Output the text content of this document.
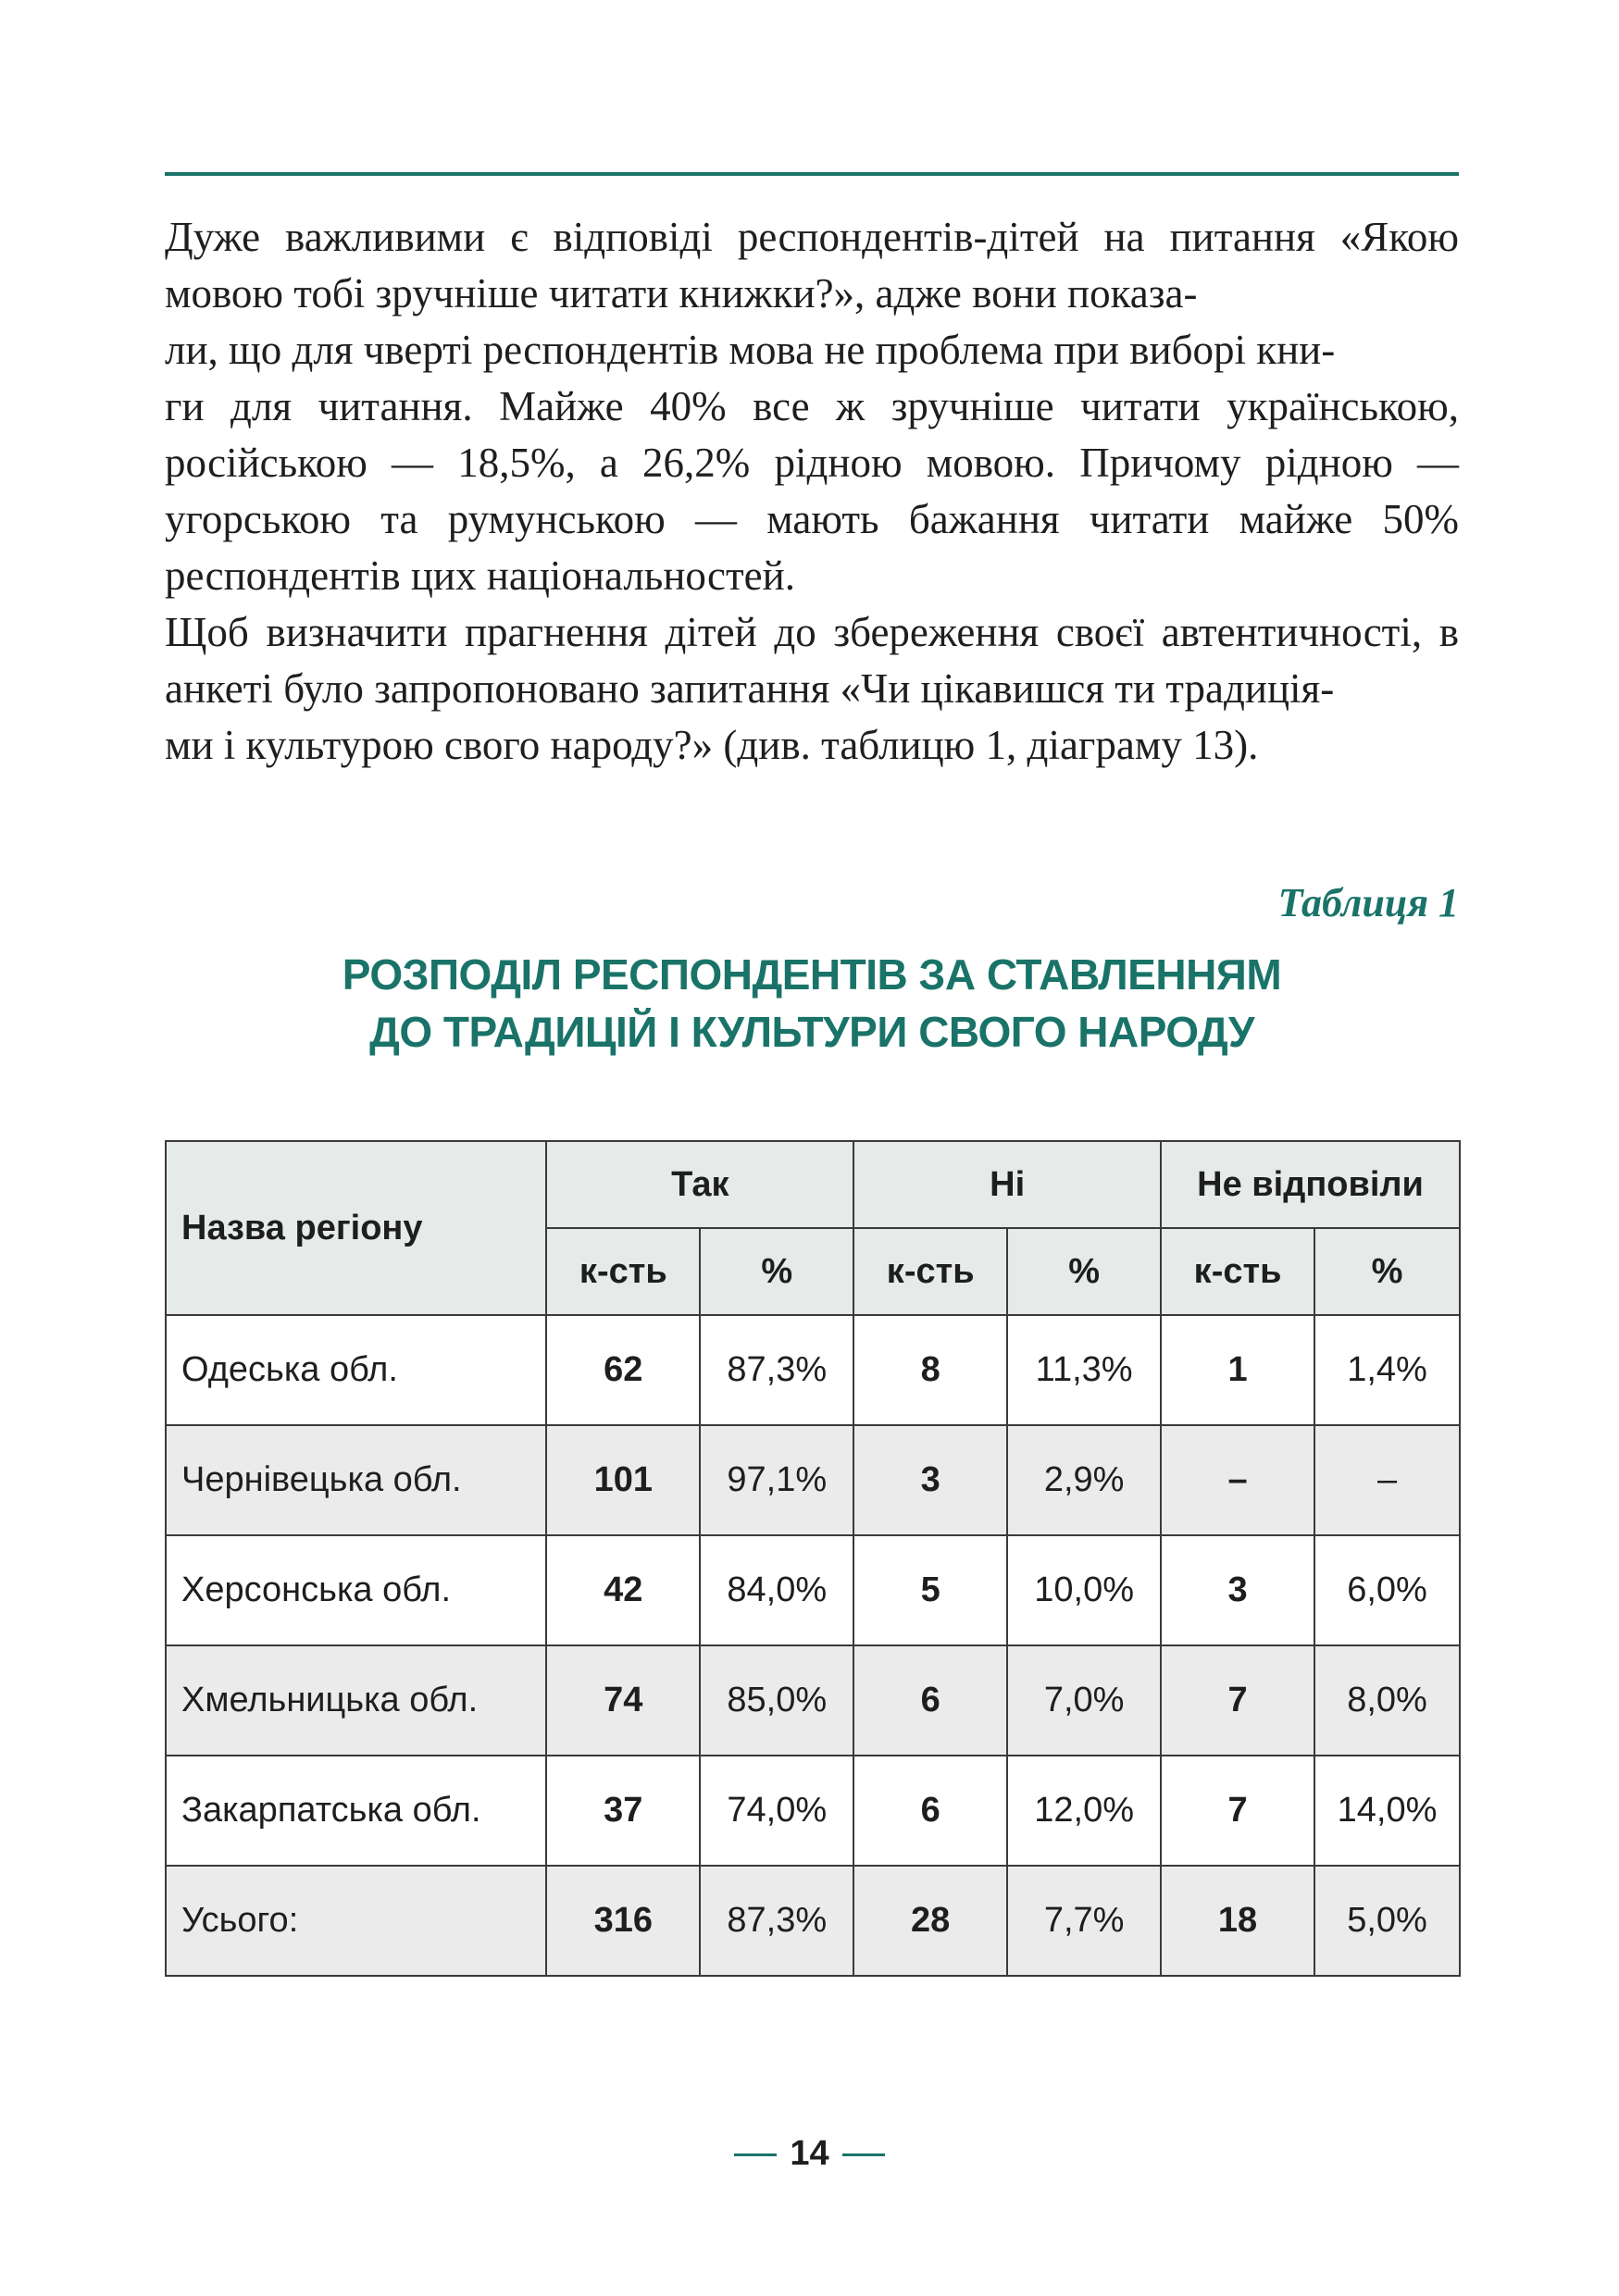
Дуже важливими є відповіді респондентів-дітей на питання «Якою мовою тобі зручніше читати книжки?», адже вони показа-
ли, що для чверті респондентів мова не проблема при виборі кни-
ги для читання. Майже 40% все ж зручніше читати українською, російською — 18,5%, а 26,2% рідною мовою. Причому рідною — угорською та румунською — мають бажання читати майже 50% респондентів цих національностей.

Щоб визначити прагнення дітей до збереження своєї автентичності, в анкеті було запропоновано запитання «Чи цікавишся ти традиція-
ми і культурою свого народу?» (див. таблицю 1, діаграму 13).

Таблиця 1
РОЗПОДІЛ РЕСПОНДЕНТІВ ЗА СТАВЛЕННЯМ
ДО ТРАДИЦІЙ І КУЛЬТУРИ СВОГО НАРОДУ
Назва регіону	Так		Ні		Не відповіли	
	к-сть	%	к-сть	%	к-сть	%
Одеська обл.	62	87,3%	8	11,3%	1	1,4%
Чернівецька обл.	101	97,1%	3	2,9%	–	–
Херсонська обл.	42	84,0%	5	10,0%	3	6,0%
Хмельницька обл.	74	85,0%	6	7,0%	7	8,0%
Закарпатська обл.	37	74,0%	6	12,0%	7	14,0%
Усього:	316	87,3%	28	7,7%	18	5,0%
14
